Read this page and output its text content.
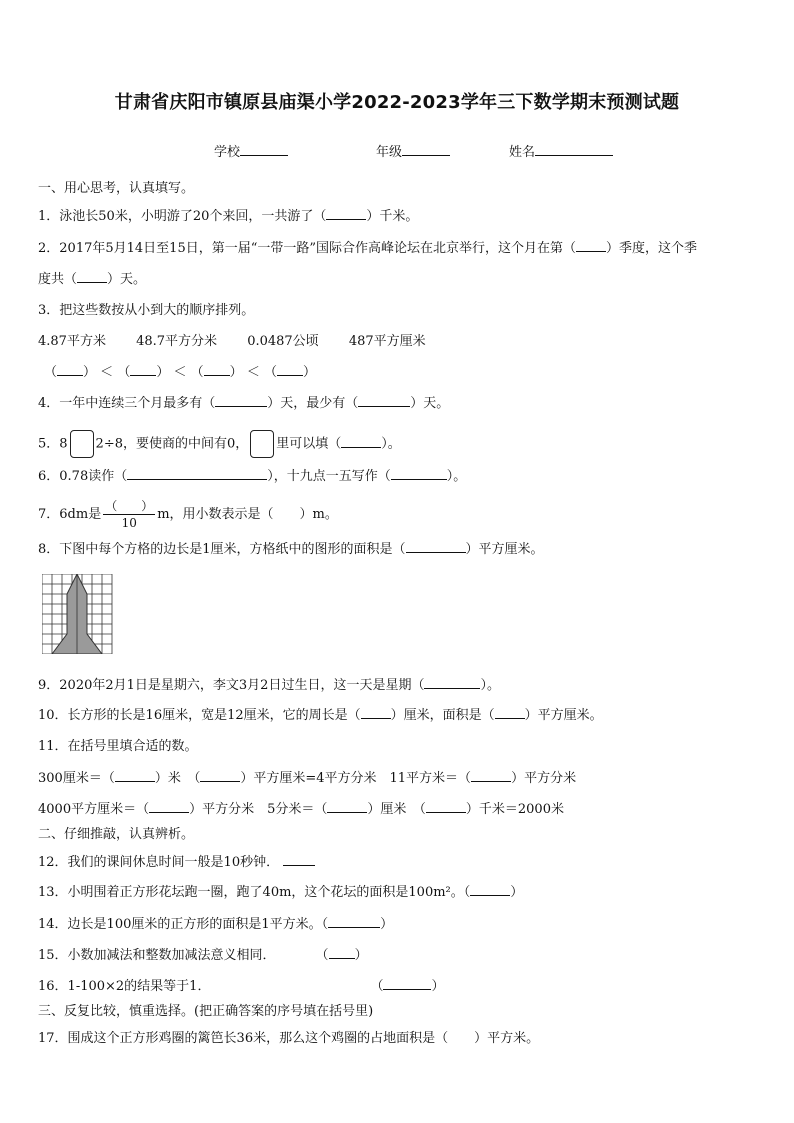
甘肃省庆阳市镇原县庙渠小学2022-2023学年三下数学期末预测试题
学校	年级	姓名
一、用心思考，认真填写。
1．泳池长50米，小明游了20个来回，一共游了（	）千米。
2．2017年5月14日至15日，第一届“一带一路”国际合作高峰论坛在北京举行，这个月在第（ ）季度，这个季
度共（ ）天。
3．把这些数按从小到大的顺序排列。
4.87平方米 48.7平方分米 0.0487公顷 487平方厘米
（ ） ＜ （ ） ＜ （ ） ＜ （ ）
4．一年中连续三个月最多有（	）天，最少有（	）天。
5．8 2÷8，要使商的中间有0， 里可以填（	）。
6．0.78读作（	），十九点一五写作（	）。
7．6dm是 $\frac{( )}{10}$ m，用小数表示是（　　）m。
8．下图中每个方格的边长是1厘米，方格纸中的图形的面积是（	）平方厘米。
9．2020年2月1日是星期六，李文3月2日过生日，这一天是星期（	）。
10．长方形的长是16厘米，宽是12厘米，它的周长是（ ）厘米，面积是（ ）平方厘米。
11．在括号里填合适的数。
300厘米＝（	）米　（	）平方厘米=4平方分米　11平方米＝（	）平方分米
4000平方厘米＝（	）平方分米　5分米＝（	）厘米　（	）千米＝2000米
二、仔细推敲，认真辨析。
12．我们的课间休息时间一般是10秒钟．
13．小明围着正方形花坛跑一圈，跑了40m，这个花坛的面积是100m²。（	）
14．边长是100厘米的正方形的面积是1平方米。（	）
15．小数加减法和整数加减法意义相同．	（ ）
16．1-100×2的结果等于1．	（	）
三、反复比较，慎重选择。(把正确答案的序号填在括号里)
17．围成这个正方形鸡圈的篱笆长36米，那么这个鸡圈的占地面积是（　　）平方米。
